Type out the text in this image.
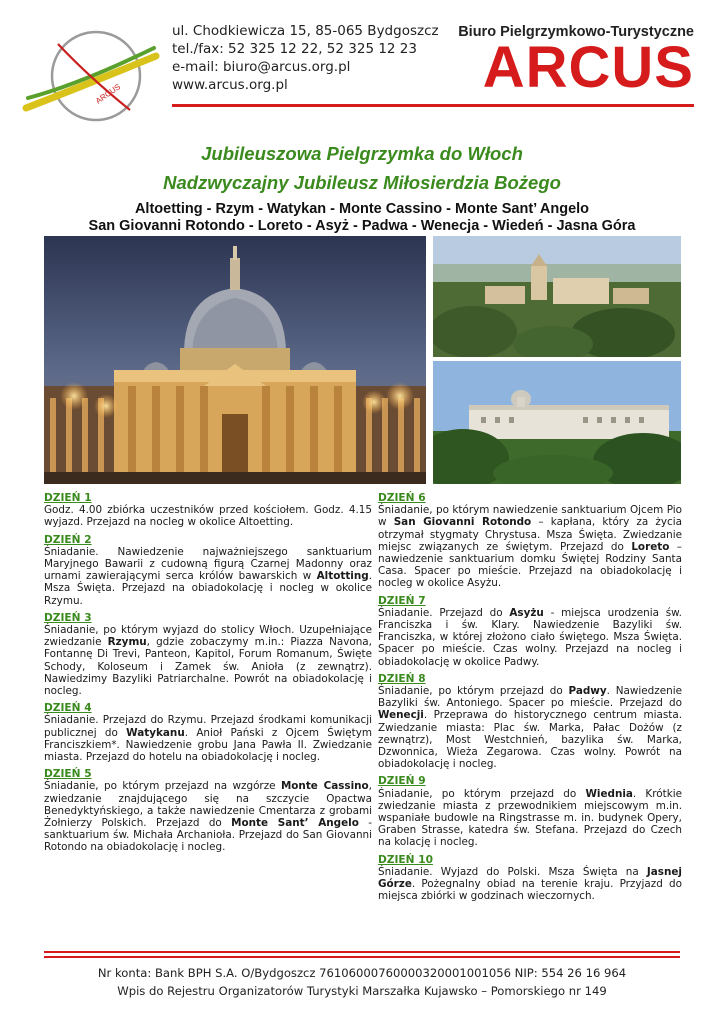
ARCUS
ul. Chodkiewicza 15, 85-065 Bydgoszcz
tel./fax: 52 325 12 22, 52 325 12 23
e-mail: biuro@arcus.org.pl
www.arcus.org.pl
Biuro Pielgrzymkowo-Turystyczne
ARCUS
Jubileuszowa Pielgrzymka do Włoch
Nadzwyczajny Jubileusz Miłosierdzia Bożego
Altoetting - Rzym - Watykan - Monte Cassino - Monte Sant’ Angelo
San Giovanni Rotondo - Loreto - Asyż - Padwa - Wenecja - Wiedeń - Jasna Góra
DZIEŃ 1
Godz. 4.00 zbiórka uczestników przed kościołem. Godz. 4.15 wyjazd. Przejazd na nocleg w okolice Altoetting.
DZIEŃ 2
Śniadanie. Nawiedzenie najważniejszego sanktuarium Maryjnego Bawarii z cudowną figurą Czarnej Madonny oraz urnami zawierającymi serca królów bawarskich w Altotting. Msza Święta. Przejazd na obiadokolację i nocleg w okolice Rzymu.
DZIEŃ 3
Śniadanie, po którym wyjazd do stolicy Włoch. Uzupełniające zwiedzanie Rzymu, gdzie zobaczymy m.in.: Piazza Navona, Fontannę Di Trevi, Panteon, Kapitol, Forum Romanum, Święte Schody, Koloseum i Zamek św. Anioła (z zewnątrz). Nawiedzimy Bazyliki Patriarchalne. Powrót na obiadokolację i nocleg.
DZIEŃ 4
Śniadanie. Przejazd do Rzymu. Przejazd środkami komunikacji publicznej do Watykanu. Anioł Pański z Ojcem Świętym Franciszkiem*. Nawiedzenie grobu Jana Pawła II. Zwiedzanie miasta. Przejazd do hotelu na obiadokolację i nocleg.
DZIEŃ 5
Śniadanie, po którym przejazd na wzgórze Monte Cassino, zwiedzanie znajdującego się na szczycie Opactwa Benedyktyńskiego, a także nawiedzenie Cmentarza z grobami Żołnierzy Polskich. Przejazd do Monte Sant’ Angelo - sanktuarium św. Michała Archanioła. Przejazd do San Giovanni Rotondo na obiadokolację i nocleg.
DZIEŃ 6
Śniadanie, po którym nawiedzenie sanktuarium Ojcem Pio w San Giovanni Rotondo – kapłana, który za życia otrzymał stygmaty Chrystusa. Msza Święta. Zwiedzanie miejsc związanych ze świętym. Przejazd do Loreto – nawiedzenie sanktuarium domku Świętej Rodziny Santa Casa. Spacer po mieście. Przejazd na obiadokolację i nocleg w okolice Asyżu.
DZIEŃ 7
Śniadanie. Przejazd do Asyżu - miejsca urodzenia św. Franciszka i św. Klary. Nawiedzenie Bazyliki św. Franciszka, w której złożono ciało świętego. Msza Święta. Spacer po mieście. Czas wolny. Przejazd na nocleg i obiadokolację w okolice Padwy.
DZIEŃ 8
Śniadanie, po którym przejazd do Padwy. Nawiedzenie Bazyliki św. Antoniego. Spacer po mieście. Przejazd do Wenecji. Przeprawa do historycznego centrum miasta. Zwiedzanie miasta: Plac św. Marka, Pałac Dożów (z zewnątrz), Most Westchnień, bazylika św. Marka, Dzwonnica, Wieża Zegarowa. Czas wolny. Powrót na obiadokolację i nocleg.
DZIEŃ 9
Śniadanie, po którym przejazd do Wiednia. Krótkie zwiedzanie miasta z przewodnikiem miejscowym m.in. wspaniałe budowle na Ringstrasse m. in. budynek Opery, Graben Strasse, katedra św. Stefana. Przejazd do Czech na kolację i nocleg.
DZIEŃ 10
Śniadanie. Wyjazd do Polski. Msza Święta na Jasnej Górze. Pożegnalny obiad na terenie kraju. Przyjazd do miejsca zbiórki w godzinach wieczornych.
Nr konta: Bank BPH S.A. O/Bydgoszcz 76106000760000320001001056 NIP: 554 26 16 964
Wpis do Rejestru Organizatorów Turystyki Marszałka Kujawsko – Pomorskiego nr 149
